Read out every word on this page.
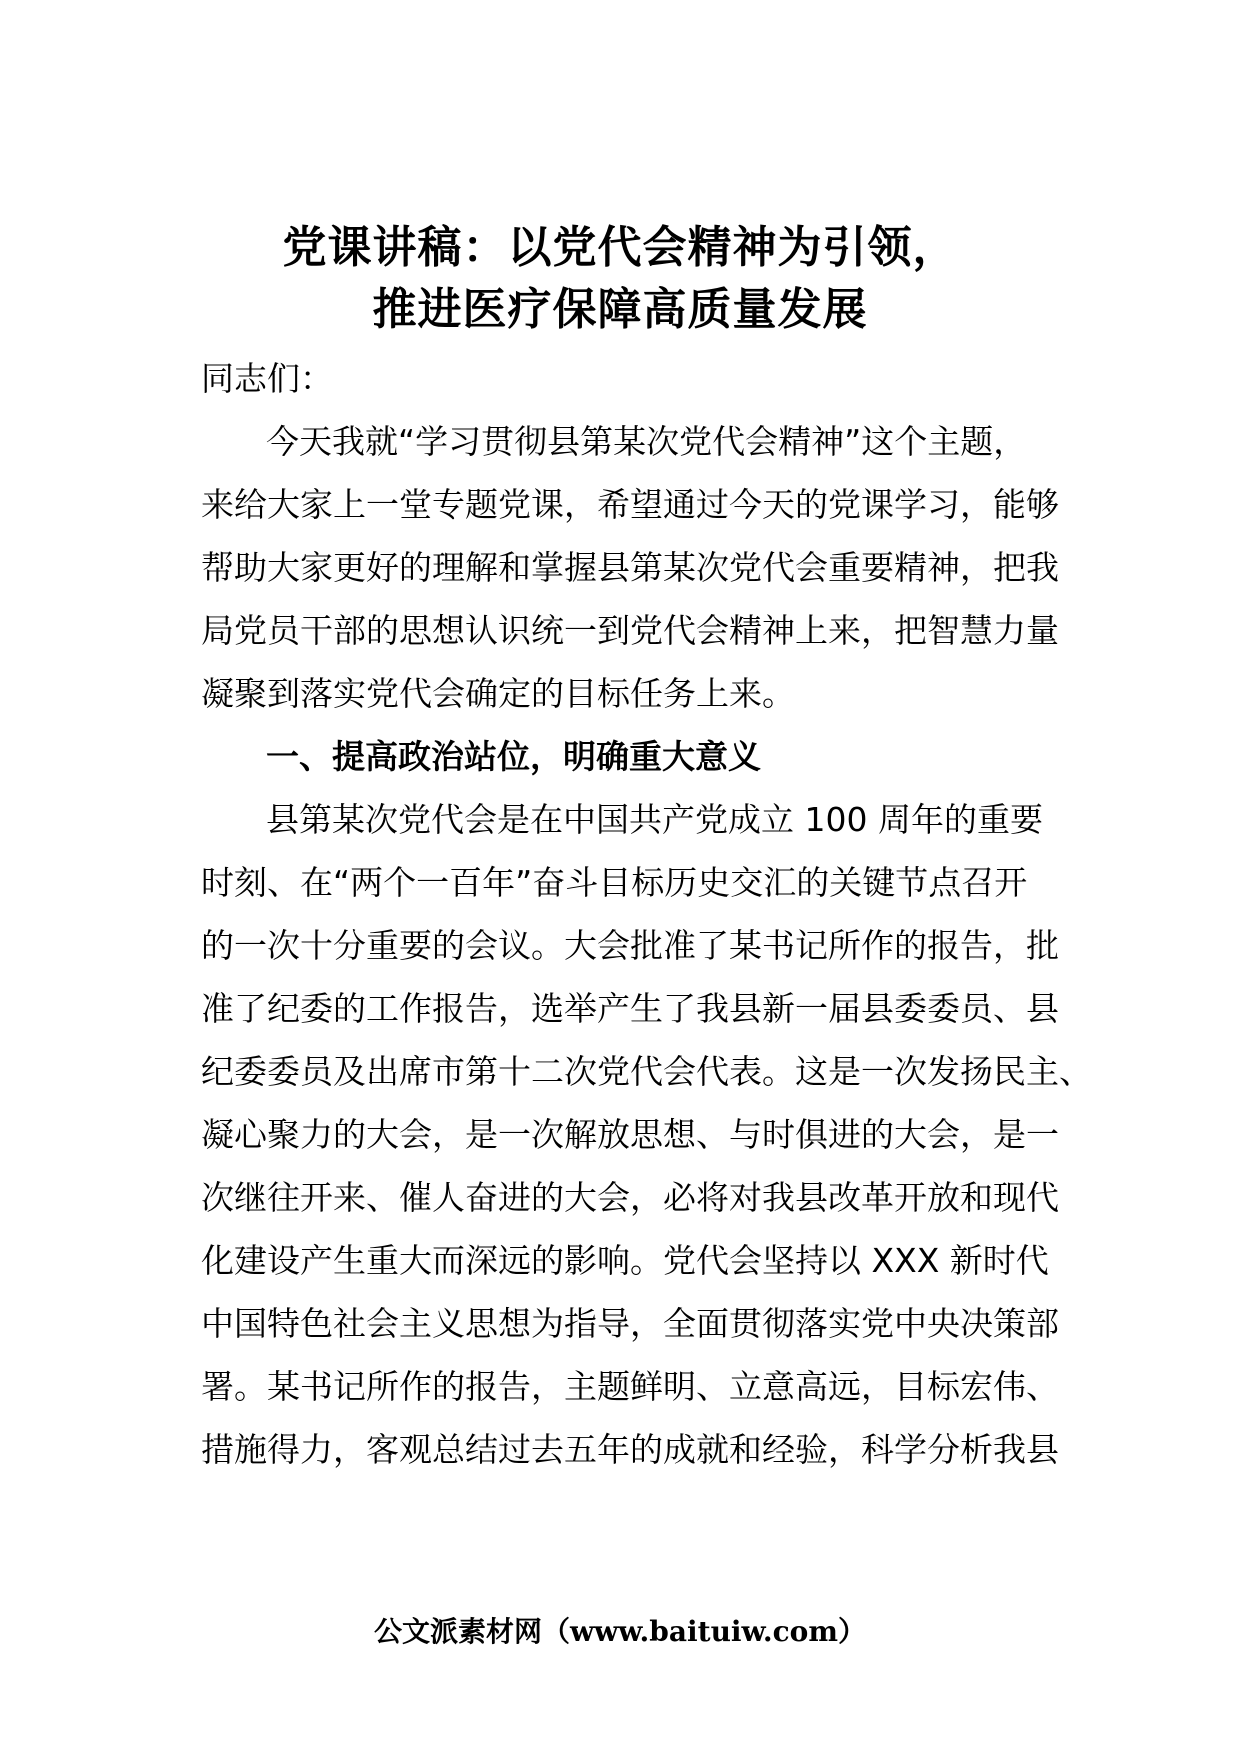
党课讲稿：以党代会精神为引领，
推进医疗保障高质量发展
同志们：
今天我就“学习贯彻县第某次党代会精神”这个主题，
来给大家上一堂专题党课，希望通过今天的党课学习，能够
帮助大家更好的理解和掌握县第某次党代会重要精神，把我
局党员干部的思想认识统一到党代会精神上来，把智慧力量
凝聚到落实党代会确定的目标任务上来。
一、提高政治站位，明确重大意义
县第某次党代会是在中国共产党成立 100 周年的重要
时刻、在“两个一百年”奋斗目标历史交汇的关键节点召开
的一次十分重要的会议。大会批准了某书记所作的报告，批
准了纪委的工作报告，选举产生了我县新一届县委委员、县
纪委委员及出席市第十二次党代会代表。这是一次发扬民主、
凝心聚力的大会，是一次解放思想、与时俱进的大会，是一
次继往开来、催人奋进的大会，必将对我县改革开放和现代
化建设产生重大而深远的影响。党代会坚持以 XXX 新时代
中国特色社会主义思想为指导，全面贯彻落实党中央决策部
署。某书记所作的报告，主题鲜明、立意高远，目标宏伟、
措施得力，客观总结过去五年的成就和经验，科学分析我县
公文派素材网（www.baituiw.com）
